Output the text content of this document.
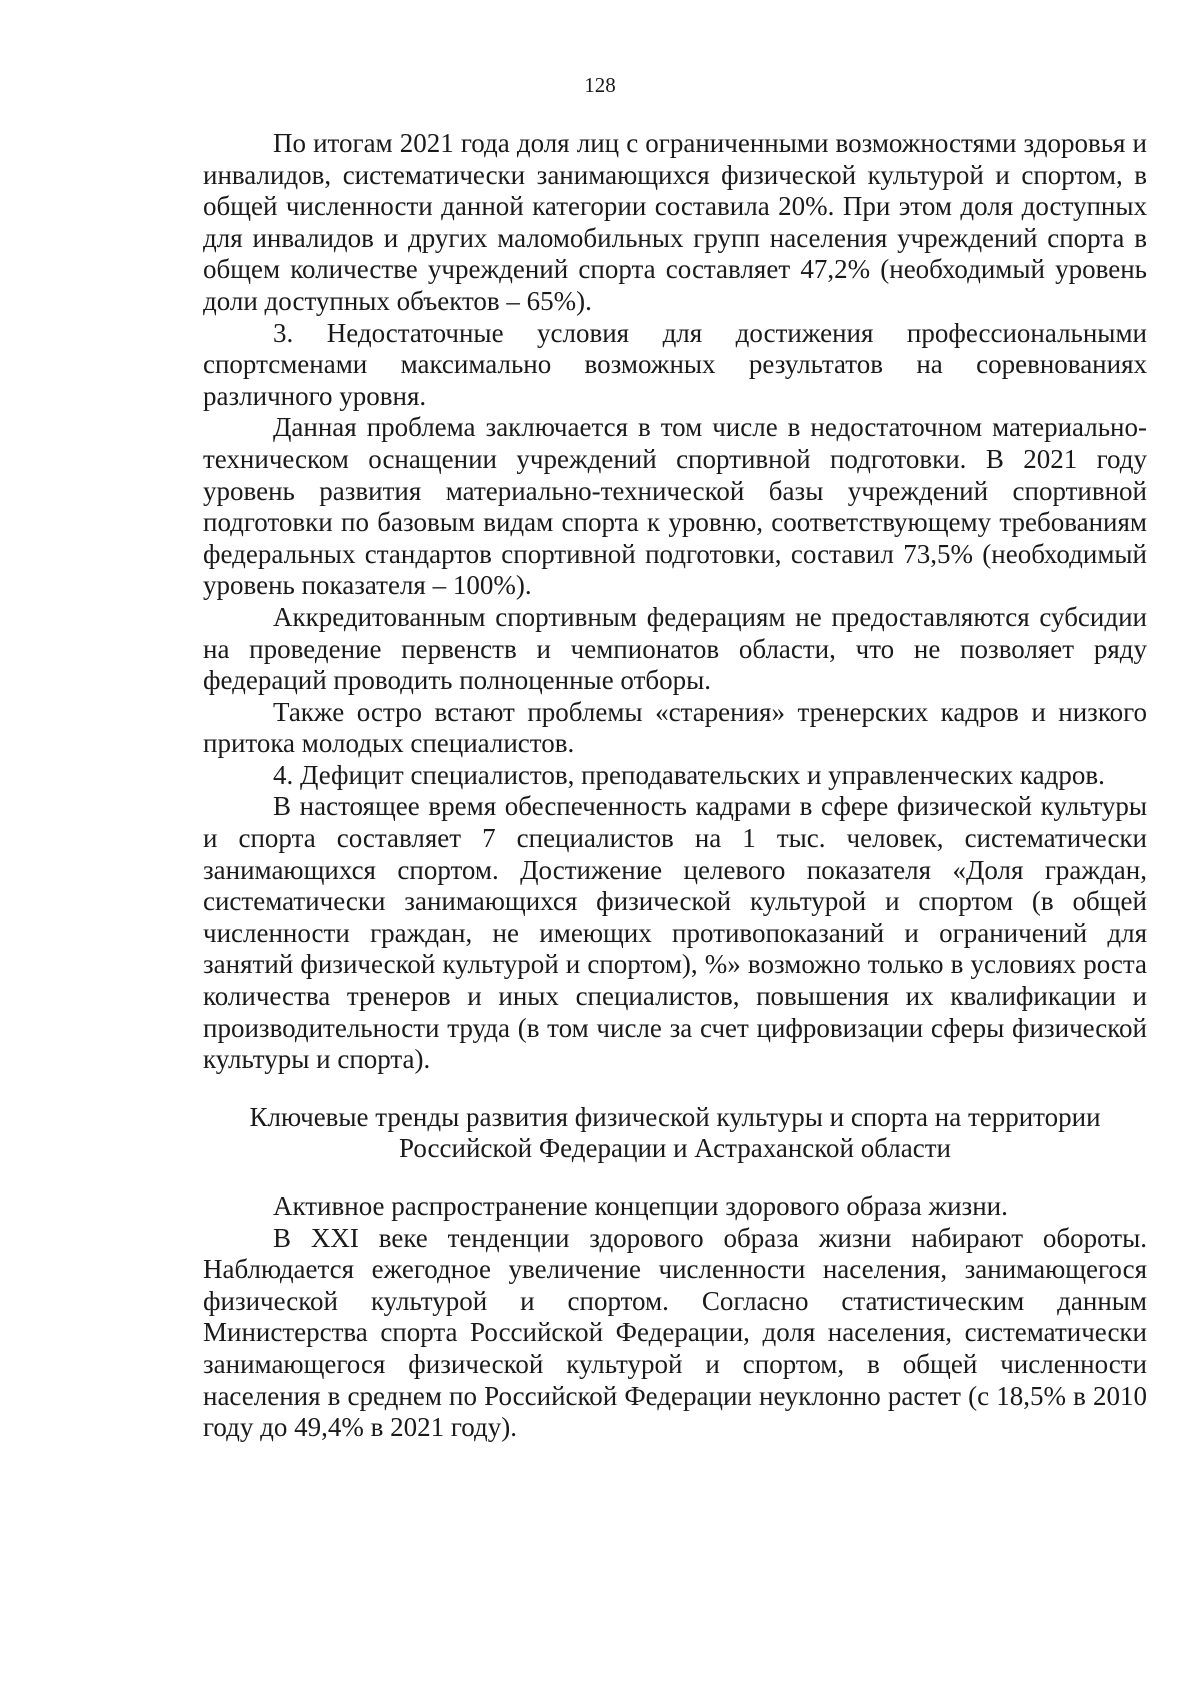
128

По итогам 2021 года доля лиц с ограниченными возможностями здоровья и инвалидов, систематически занимающихся физической культурой и спортом, в общей численности данной категории составила 20%. При этом доля доступных для инвалидов и других маломобильных групп населения учреждений спорта в общем количестве учреждений спорта составляет 47,2% (необходимый уровень доли доступных объектов – 65%).

3. Недостаточные условия для достижения профессиональными спортсменами максимально возможных результатов на соревнованиях различного уровня.

Данная проблема заключается в том числе в недостаточном материально-техническом оснащении учреждений спортивной подготовки. В 2021 году уровень развития материально-технической базы учреждений спортивной подготовки по базовым видам спорта к уровню, соответствующему требованиям федеральных стандартов спортивной подготовки, составил 73,5% (необходимый уровень показателя – 100%).

Аккредитованным спортивным федерациям не предоставляются субсидии на проведение первенств и чемпионатов области, что не позволяет ряду федераций проводить полноценные отборы.

Также остро встают проблемы «старения» тренерских кадров и низкого притока молодых специалистов.

4. Дефицит специалистов, преподавательских и управленческих кадров.

В настоящее время обеспеченность кадрами в сфере физической культуры и спорта составляет 7 специалистов на 1 тыс. человек, систематически занимающихся спортом. Достижение целевого показателя «Доля граждан, систематически занимающихся физической культурой и спортом (в общей численности граждан, не имеющих противопоказаний и ограничений для занятий физической культурой и спортом), %» возможно только в условиях роста количества тренеров и иных специалистов, повышения их квалификации и производительности труда (в том числе за счет цифровизации сферы физической культуры и спорта).

Ключевые тренды развития физической культуры и спорта на территории
Российской Федерации и Астраханской области

Активное распространение концепции здорового образа жизни.

В XXI веке тенденции здорового образа жизни набирают обороты. Наблюдается ежегодное увеличение численности населения, занимающегося физической культурой и спортом. Согласно статистическим данным Министерства спорта Российской Федерации, доля населения, систематически занимающегося физической культурой и спортом, в общей численности населения в среднем по Российской Федерации неуклонно растет (с 18,5% в 2010 году до 49,4% в 2021 году).
